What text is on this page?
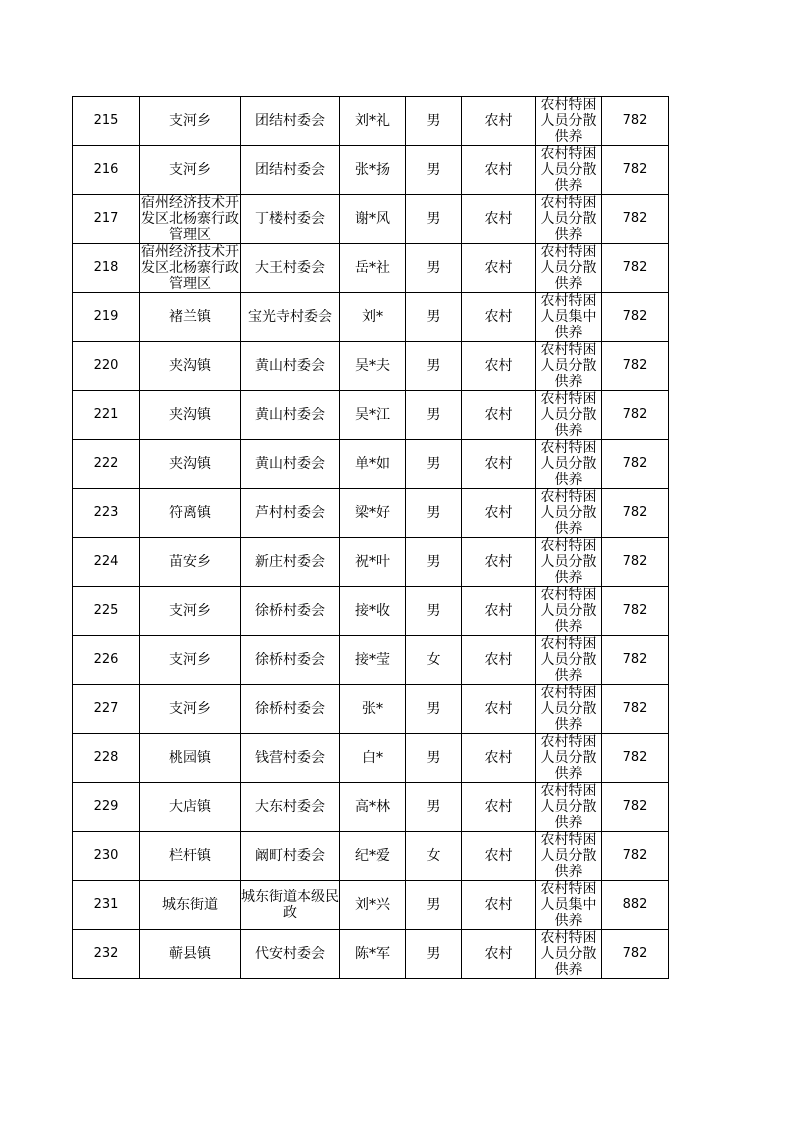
215	支河乡	团结村委会	刘*礼	男	农村	农村特困人员分散供养	782

216	支河乡	团结村委会	张*扬	男	农村	农村特困人员分散供养	782

217	宿州经济技术开发区北杨寨行政管理区	丁楼村委会	谢*风	男	农村	农村特困人员分散供养	782

218	宿州经济技术开发区北杨寨行政管理区	大王村委会	岳*社	男	农村	农村特困人员分散供养	782

219	褚兰镇	宝光寺村委会	刘*	男	农村	农村特困人员集中供养	782

220	夹沟镇	黄山村委会	吴*夫	男	农村	农村特困人员分散供养	782

221	夹沟镇	黄山村委会	吴*江	男	农村	农村特困人员分散供养	782

222	夹沟镇	黄山村委会	单*如	男	农村	农村特困人员分散供养	782

223	符离镇	芦村村委会	梁*好	男	农村	农村特困人员分散供养	782

224	苗安乡	新庄村委会	祝*叶	男	农村	农村特困人员分散供养	782

225	支河乡	徐桥村委会	接*收	男	农村	农村特困人员分散供养	782

226	支河乡	徐桥村委会	接*莹	女	农村	农村特困人员分散供养	782

227	支河乡	徐桥村委会	张*	男	农村	农村特困人员分散供养	782

228	桃园镇	钱营村委会	白*	男	农村	农村特困人员分散供养	782

229	大店镇	大东村委会	高*林	男	农村	农村特困人员分散供养	782

230	栏杆镇	阚町村委会	纪*爱	女	农村	农村特困人员分散供养	782

231	城东街道	城东街道本级民政	刘*兴	男	农村	农村特困人员集中供养	882

232	蕲县镇	代安村委会	陈*军	男	农村	农村特困人员分散供养	782
